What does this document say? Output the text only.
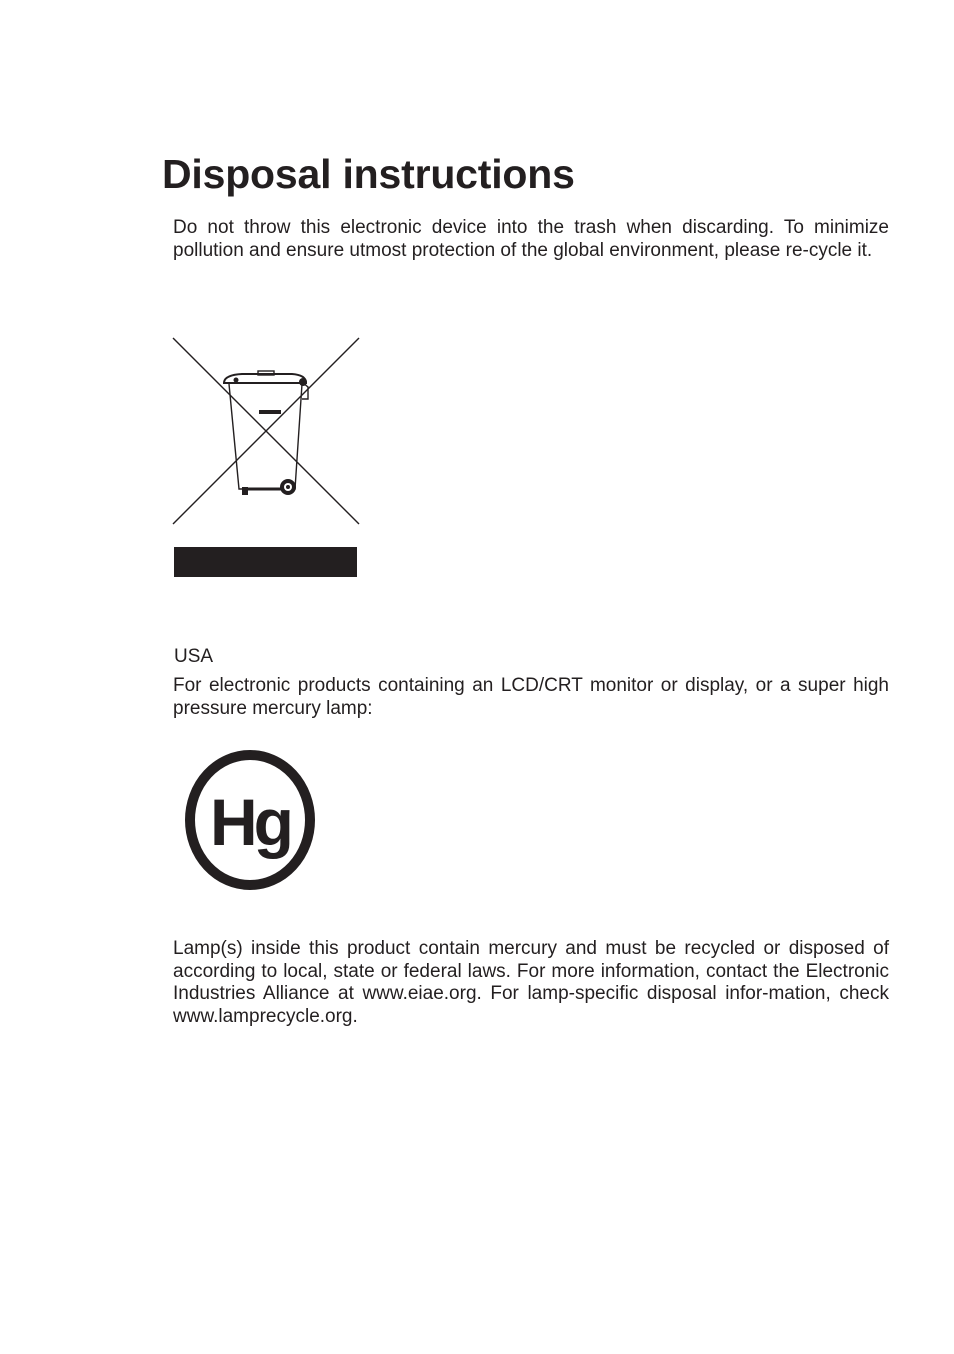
Disposal instructions

Do not throw this electronic device into the trash when discarding. To minimize pollution and ensure utmost protection of the global environment, please re-cycle it.

USA

For electronic products containing an LCD/CRT monitor or display, or a super high pressure mercury lamp:

Hg

Lamp(s) inside this product contain mercury and must be recycled or disposed of according to local, state or federal laws. For more information, contact the Electronic Industries Alliance at www.eiae.org. For lamp-specific disposal infor-mation, check www.lamprecycle.org.
